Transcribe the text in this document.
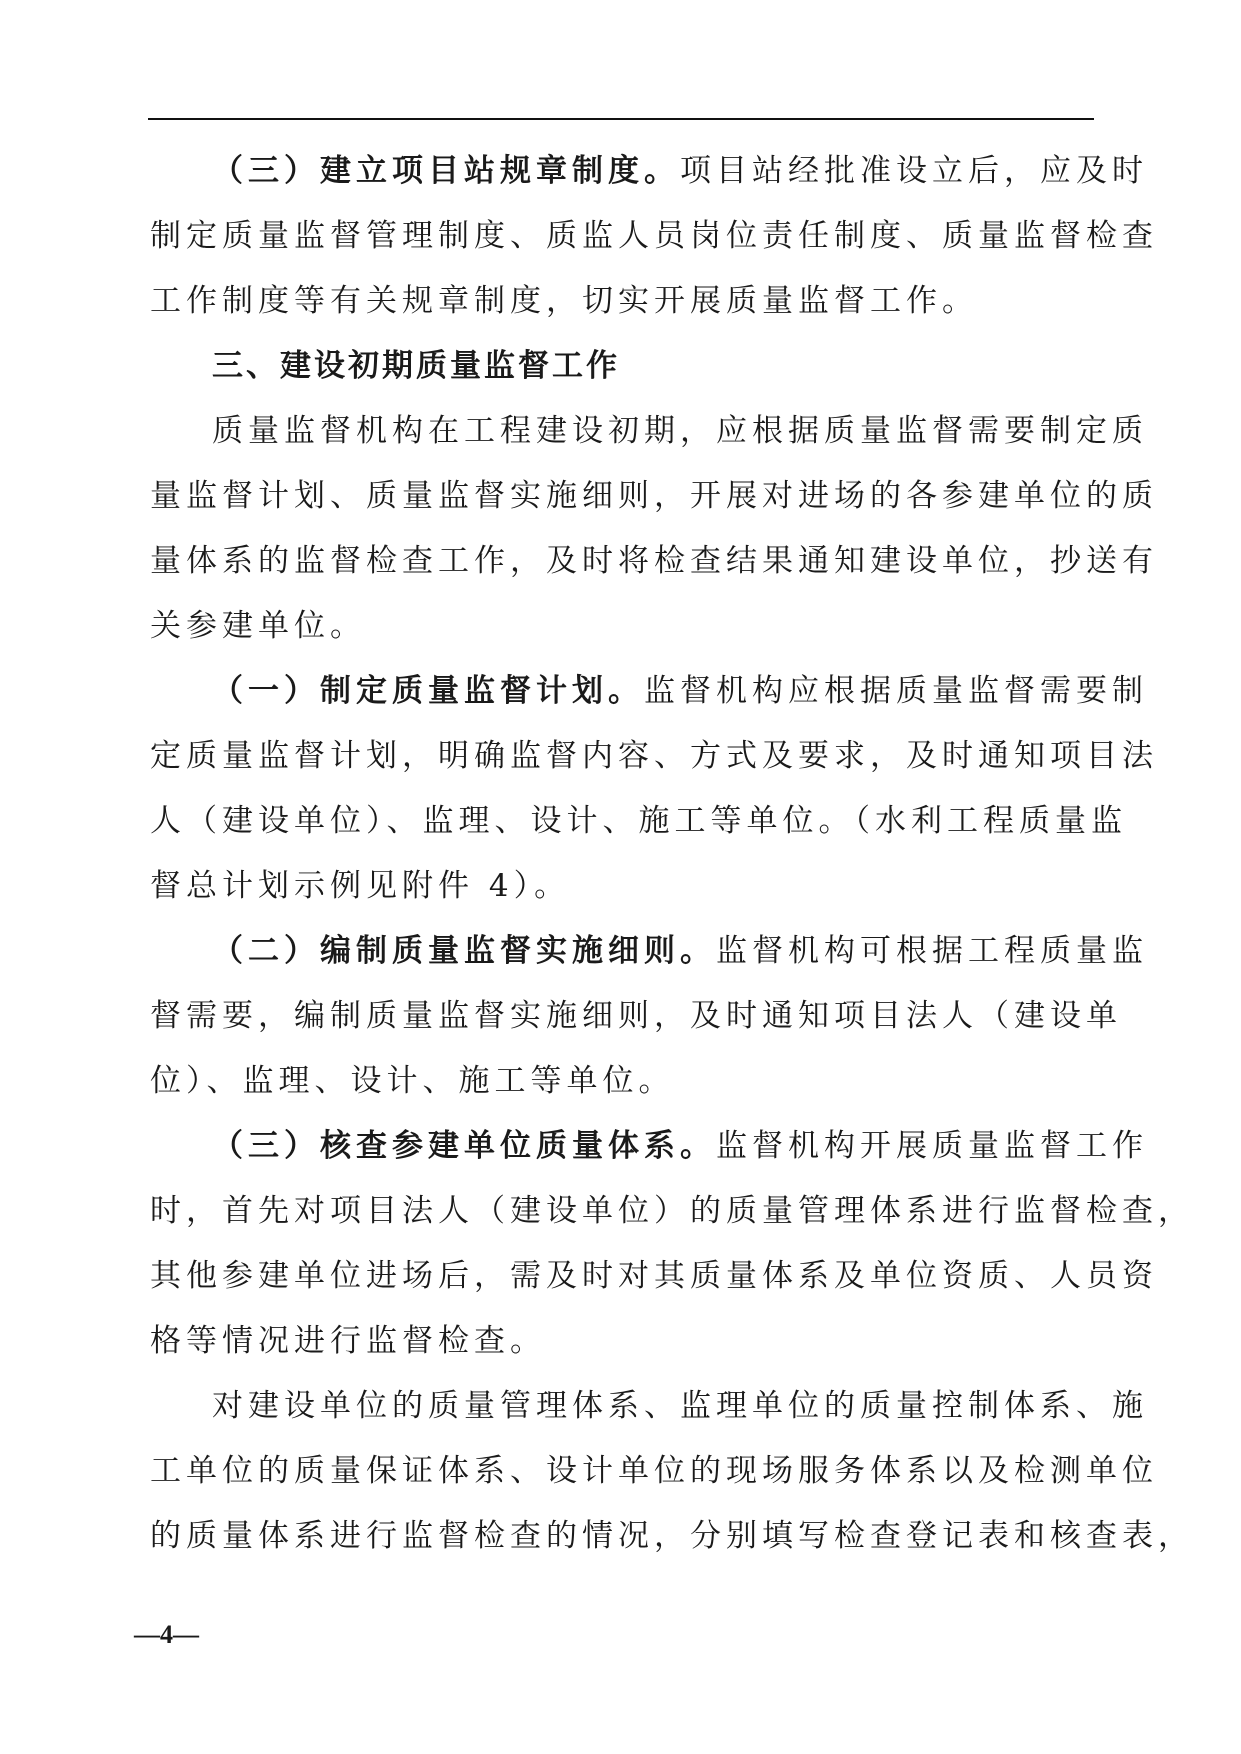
（三）建立项目站规章制度。项目站经批准设立后，应及时
制定质量监督管理制度、质监人员岗位责任制度、质量监督检查
工作制度等有关规章制度，切实开展质量监督工作。
三、建设初期质量监督工作
质量监督机构在工程建设初期，应根据质量监督需要制定质
量监督计划、质量监督实施细则，开展对进场的各参建单位的质
量体系的监督检查工作，及时将检查结果通知建设单位，抄送有
关参建单位。
（一）制定质量监督计划。监督机构应根据质量监督需要制
定质量监督计划，明确监督内容、方式及要求，及时通知项目法
人（建设单位）、监理、设计、施工等单位。（水利工程质量监
督总计划示例见附件 4）。
（二）编制质量监督实施细则。监督机构可根据工程质量监
督需要，编制质量监督实施细则，及时通知项目法人（建设单
位）、监理、设计、施工等单位。
（三）核查参建单位质量体系。监督机构开展质量监督工作
时，首先对项目法人（建设单位）的质量管理体系进行监督检查，
其他参建单位进场后，需及时对其质量体系及单位资质、人员资
格等情况进行监督检查。
对建设单位的质量管理体系、监理单位的质量控制体系、施
工单位的质量保证体系、设计单位的现场服务体系以及检测单位
的质量体系进行监督检查的情况，分别填写检查登记表和核查表，
—4—
